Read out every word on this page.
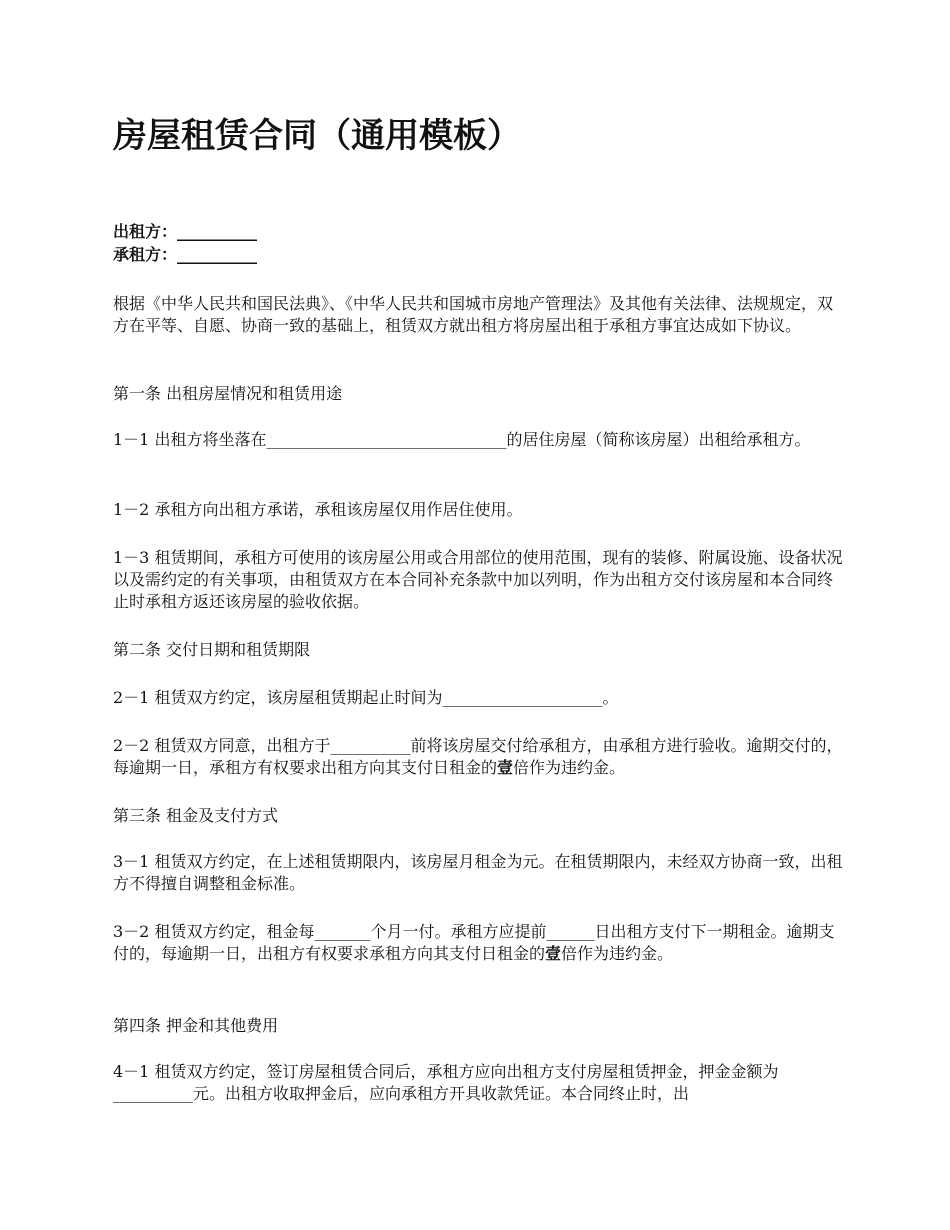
房屋租赁合同（通用模板）
出租方：__________
承租方：__________

根据《中华人民共和国民法典》、《中华人民共和国城市房地产管理法》及其他有关法律、法规规定，双方在平等、自愿、协商一致的基础上，租赁双方就出租方将房屋出租于承租方事宜达成如下协议。

第一条 出租房屋情况和租赁用途

1－1 出租方将坐落在______________________________的居住房屋（简称该房屋）出租给承租方。

1－2 承租方向出租方承诺，承租该房屋仅用作居住使用。

1－3 租赁期间，承租方可使用的该房屋公用或合用部位的使用范围，现有的装修、附属设施、设备状况以及需约定的有关事项，由租赁双方在本合同补充条款中加以列明，作为出租方交付该房屋和本合同终止时承租方返还该房屋的验收依据。

第二条 交付日期和租赁期限

2－1 租赁双方约定，该房屋租赁期起止时间为____________________。

2－2 租赁双方同意，出租方于__________前将该房屋交付给承租方，由承租方进行验收。逾期交付的，每逾期一日，承租方有权要求出租方向其支付日租金的壹倍作为违约金。

第三条 租金及支付方式

3－1 租赁双方约定，在上述租赁期限内，该房屋月租金为元。在租赁期限内，未经双方协商一致，出租方不得擅自调整租金标准。

3－2 租赁双方约定，租金每_______个月一付。承租方应提前______日出租方支付下一期租金。逾期支付的，每逾期一日，出租方有权要求承租方向其支付日租金的壹倍作为违约金。

第四条 押金和其他费用

4－1 租赁双方约定，签订房屋租赁合同后，承租方应向出租方支付房屋租赁押金，押金金额为__________元。出租方收取押金后，应向承租方开具收款凭证。本合同终止时，出
